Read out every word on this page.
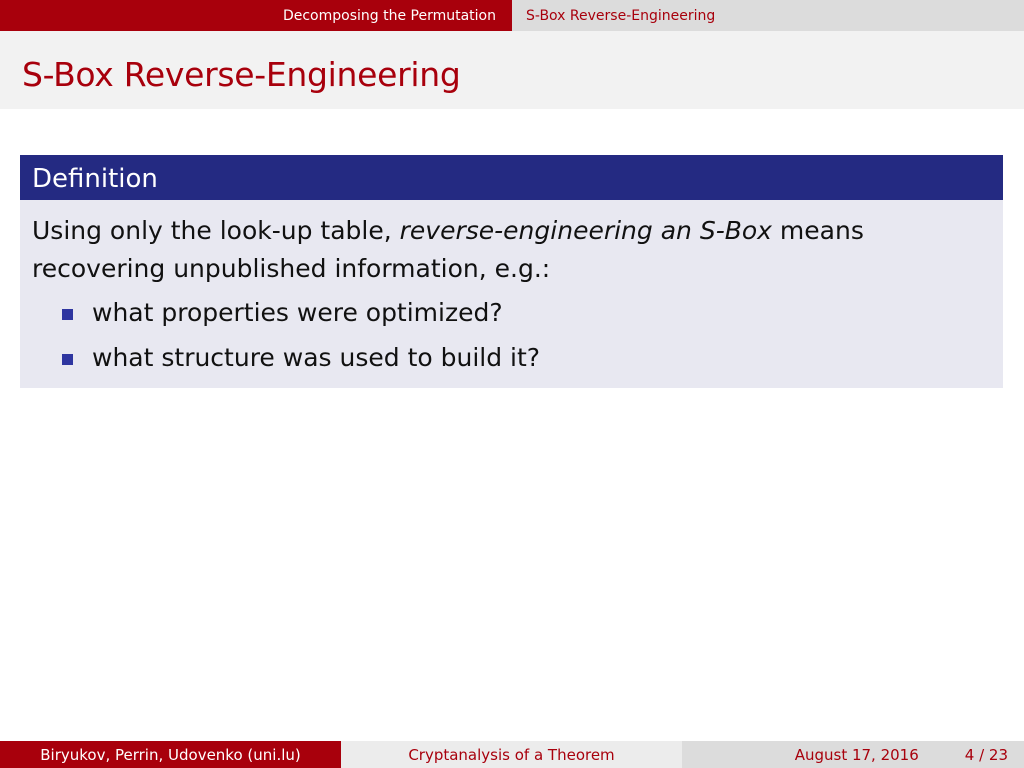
Decomposing the Permutation	S-Box Reverse-Engineering
S-Box Reverse-Engineering
Definition
Using only the look-up table, reverse-engineering an S-Box means
recovering unpublished information, e.g.:
what properties were optimized?
what structure was used to build it?
Biryukov, Perrin, Udovenko (uni.lu)	Cryptanalysis of a Theorem	August 17, 2016	4 / 23
